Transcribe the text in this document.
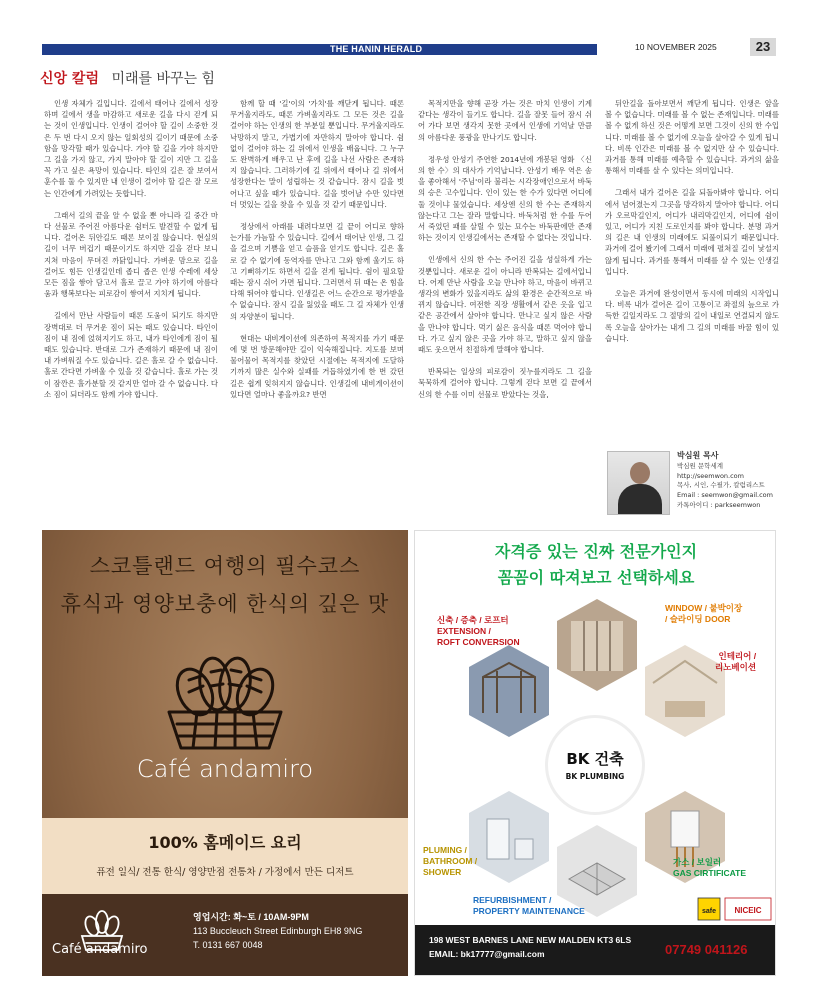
THE HANIN HERALD	10 NOVEMBER 2025	23
신앙 칼럼 미래를 바꾸는 힘

인생 자체가 길입니다. 길에서 태어나 길에서 성장하며 길에서 생을 마감하고 새로운 길을 다시 걷게 되는 것이 인생입니다. 인생이 걸어야 할 길이 소중한 것은 두 번 다시 오지 않는 일회성의 길이기 때문에 소중함을 망각할 때가 있습니다. 가야 할 길을 가야 하지만 그 길을 가지 않고, 가지 말아야 할 길이 지만 그 길을 꼭 가고 싶은 욕망이 있습니다. 타인의 길은 잘 보여서 훈수를 둘 수 있지만 내 인생이 걸어야 할 길은 잘 모르는 인간에게 가려있는 듯합니다.

그래서 길의 끝을 알 수 없을 뿐 아니라 길 중간 마다 선물로 주어진 아름다운 쉼터도 발견할 수 없게 됩니다. 걸어온 뒤안길도 때론 보이질 않습니다. 현실의 길이 너무 버겁기 때문이기도 하지만 길을 걷다 보니 지쳐 마음이 무뎌진 까닭입니다. 가벼운 맘으로 길을 걸어도 힘든 인생길인데 좁디 좁은 인생 수레에 세상 모든 짐을 쌓아 담고서 홀로 끌고 가야 하기에 아름다움과 행복보다는 피로감이 쌓여서 지치게 됩니다.

길에서 만난 사람들이 때론 도움이 되기도 하지만 장벽대로 더 무거운 짐이 되는 때도 있습니다. 타인이 짐이 내 짐에 얹혀지기도 하고, 내가 타인에게 짐이 될 때도 있습니다. 반대로 그가 존재하기 때문에 내 짐이 내 가벼워질 수도 있습니다. 길은 홀로 갈 수 없습니다. 홀로 간다면 가벼울 수 있을 것 같습니다. 홀로 가는 것이 잠깐은 홀가분할 것 같지만 얼마 갈 수 없습니다. 다소 짐이 되더라도 함께 가야 합니다.

함께 할 때 '길'이의 '가치'를 깨닫게 됩니다. 때론 무거울지라도, 때론 가벼울지라도 그 모든 것은 길을 걸어야 하는 인생의 한 부분일 뿐입니다. 무거울지라도 낙망하지 말고, 가볍기에 자만하지 말아야 합니다. 쉼 없이 걸어야 하는 길 위에서 인생을 배웁니다. 그 누구도 완벽하게 배우고 난 후에 길을 나선 사람은 존재하지 않습니다. 그러하기에 길 위에서 태어나 길 위에서 성장한다는 말이 성립하는 것 같습니다. 잠시 길을 벗어나고 싶을 때가 있습니다. 길을 벗어날 수만 있다면 더 멋있는 길을 찾을 수 있을 것 같기 때문입니다.

정상에서 아래를 내려다보면 길 끝이 어디로 향하는가를 가늠할 수 있습니다. 길에서 태어난 인생, 그 길을 걸으며 기쁨을 얻고 슬픔을 얻기도 합니다. 길은 홀로 갈 수 없기에 동역자를 만나고 그와 함께 울기도 하고 기뻐하기도 하면서 길을 걷게 됩니다. 쉼이 필요할 때는 잠시 쉬어 가면 됩니다. 그러면서 뒤 때는 온 힘을 다해 뛰어야 합니다. 인생길은 어느 순간으로 평가받을 수 없습니다. 잠시 길을 잃었을 때도 그 길 자체가 인생의 자양분이 됩니다.

현대는 내비게이션에 의존하여 목적지를 가기 때문에 몇 번 방문해야만 길이 익숙해집니다. 지도를 보며 물어물어 목적지를 찾았던 시절에는 목적지에 도달하기까지 많은 실수와 실패를 거듭하였기에 한 번 갔던 길은 쉽게 잊혀지지 않습니다. 인생길에 내비게이션이 있다면 얼마나 좋을까요? 반면

목적지만을 향해 곧장 가는 것은 마치 인생이 기계같다는 생각이 들기도 합니다. 길을 잘못 들어 잠시 쉬어 가다 보면 생각지 못한 곳에서 인생에 기억날 만큼의 아름다운 풍광을 만나기도 합니다.

정우성 안성기 주연한 2014년에 개봉된 영화 〈신의 한 수〉의 대사가 기억납니다. 안성기 배우 역은 솜을 좋아해서 '주님'이라 불리는 시각장애인으로서 바둑의 승은 고수입니다. 인이 있는 한 수가 있다면 어디에 둘 것이냐 물었습니다. 세상엔 신의 한 수는 존재하지 않는다고 그는 잘라 말합니다. 바둑처럼 한 수를 두어서 죽었던 패를 살릴 수 있는 묘수는 바둑판에만 존재하는 것이지 인생길에서는 존재할 수 없다는 것입니다.

인생에서 신의 한 수는 주어진 길을 성실하게 가는 것뿐입니다. 새로운 길이 아니라 반복되는 길에서입니다. 어제 만난 사람을 오늘 만나야 하고, 마음이 바뀌고 생각의 변화가 있을지라도 삶의 환경은 순간적으로 바뀌지 않습니다. 여전한 직장 생활에서 같은 옷을 입고 같은 공간에서 살아야 합니다. 만나고 싶지 않은 사람을 만나야 합니다. 먹기 싫은 음식을 때론 먹어야 합니다. 가고 싶지 않은 곳을 가야 하고, 말하고 싶지 않을 때도 웃으면서 친절하게 말해야 합니다.

반복되는 일상의 피로감이 짓누를지라도 그 길을 묵묵하게 걸어야 합니다. 그렇게 걷다 보면 길 끝에서 신의 한 수를 이미 선물로 받았다는 것을,

뒤안길을 돌아보면서 깨닫게 됩니다. 인생은 앞을 볼 수 없습니다. 미래를 볼 수 없는 존재입니다. 미래를 볼 수 없게 하신 것은 어떻게 보면 그것이 신의 한 수입니다. 미래를 볼 수 없기에 오늘을 살아갈 수 있게 됩니다. 비록 인간은 미래를 볼 수 없지만 살 수 있습니다. 과거를 통해 미래를 예측할 수 있습니다. 과거의 삶을 통해서 미래를 살 수 있다는 의미입니다.

그래서 내가 걸어온 길을 되돌아봐야 합니다. 어디에서 넘어졌는지 그곳을 망각하지 말아야 합니다. 어디가 오르막길인지, 어디가 내리막길인지, 어디에 쉼이 있고, 어디가 지친 도로인지를 봐야 합니다. 분명 과거의 길은 내 인생의 미래에도 되풀이되기 때문입니다. 과거에 걸어 봤기에 그래서 미래에 펼쳐질 길이 낯설지 않게 됩니다. 과거를 통해서 미래를 살 수 있는 인생길입니다.

오늘은 과거에 완성이면서 동시에 미래의 시작입니다. 비록 내가 걸어온 길이 고통이고 좌절의 늪으로 가득한 길일지라도 그 절망의 길이 내일로 연결되지 않도록 오늘을 살아가는 내게 그 길의 미래를 바꿀 힘이 있습니다.

박심원 목사
박심원 문학세계
http://seemwon.com
목사, 시인, 수필가, 칼럼리스트
Email : seemwon@gmail.com
카톡아이디 : parkseemwon
스코틀랜드 여행의 필수코스
휴식과 영양보충에 한식의 깊은 맛
Café andamiro
100% 홈메이드 요리
퓨전 일식/ 전통 한식/ 영양만점 전통차 / 가정에서 만든 디저트
Café andamiro
영업시간: 화~토 / 10AM-9PM
113 Buccleuch Street Edinburgh EH8 9NG
T. 0131 667 0048
자격증 있는 진짜 전문가인지
꼼꼼이 따져보고 선택하세요
신축 / 증축 / 로프터
EXTENSION /
ROFT CONVERSION
WINDOW / 붙박이장
/ 슬라이딩 DOOR
인테리어 /
리노베이션
PLUMING /
BATHROOM /
SHOWER
가스 / 보일러
GAS CIRTIFICATE
REFURBISHMENT /
PROPERTY MAINTENANCE
BK 건축
BK PLUMBING
safe NICEIC
198 WEST BARNES LANE NEW MALDEN KT3 6LS
EMAIL: bk17777@gmail.com	07749 041126
